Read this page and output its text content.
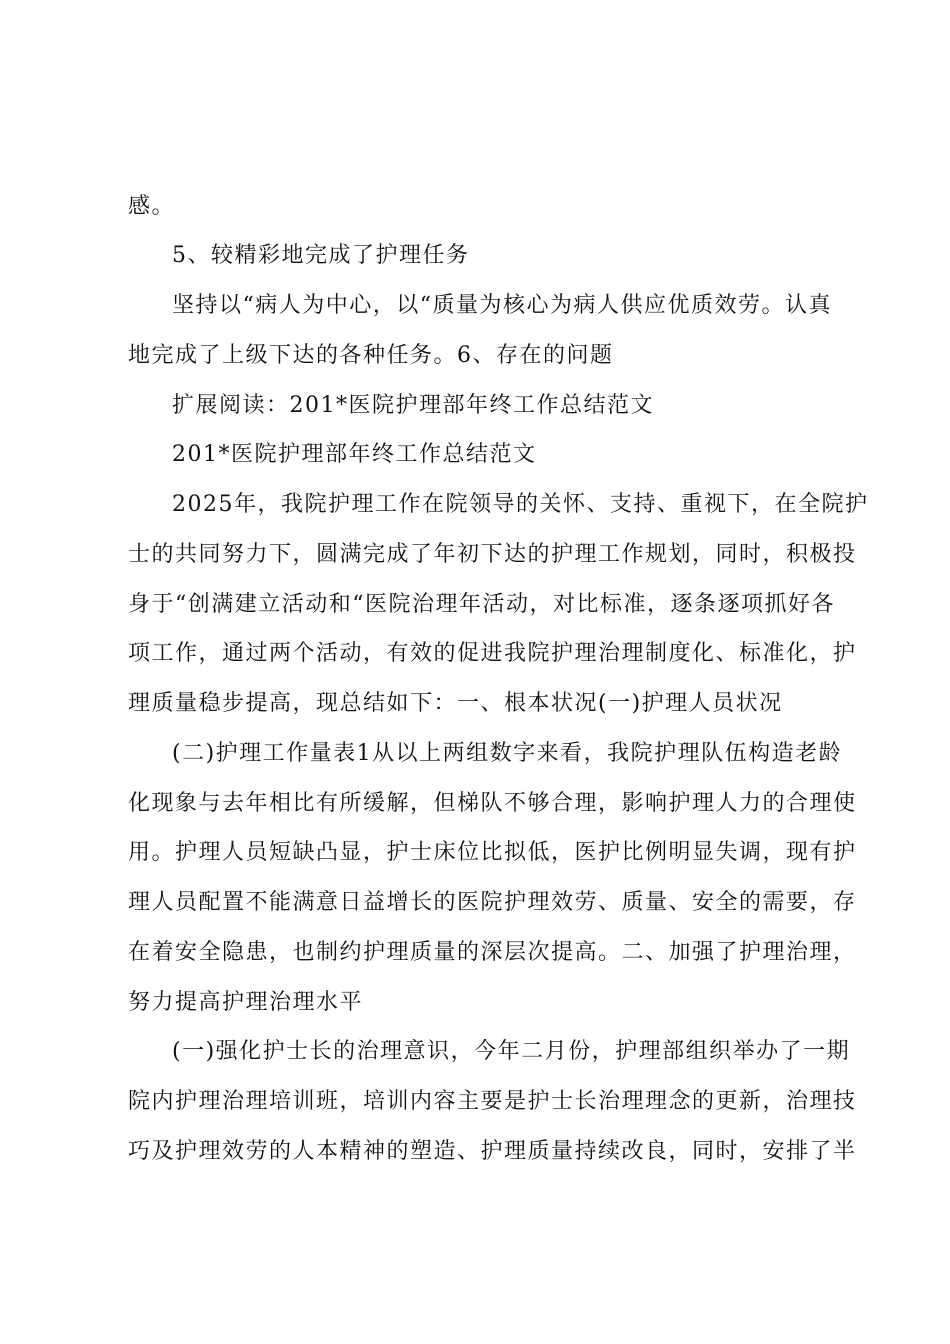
感。
5、较精彩地完成了护理任务
坚持以“病人为中心，以“质量为核心为病人供应优质效劳。认真
地完成了上级下达的各种任务。6、存在的问题
扩展阅读：201*医院护理部年终工作总结范文
201*医院护理部年终工作总结范文
2025年，我院护理工作在院领导的关怀、支持、重视下，在全院护
士的共同努力下，圆满完成了年初下达的护理工作规划，同时，积极投
身于“创满建立活动和“医院治理年活动，对比标准，逐条逐项抓好各
项工作，通过两个活动，有效的促进我院护理治理制度化、标准化，护
理质量稳步提高，现总结如下：一、根本状况(一)护理人员状况
(二)护理工作量表1从以上两组数字来看，我院护理队伍构造老龄
化现象与去年相比有所缓解，但梯队不够合理，影响护理人力的合理使
用。护理人员短缺凸显，护士床位比拟低，医护比例明显失调，现有护
理人员配置不能满意日益增长的医院护理效劳、质量、安全的需要，存
在着安全隐患，也制约护理质量的深层次提高。二、加强了护理治理，
努力提高护理治理水平
(一)强化护士长的治理意识，今年二月份，护理部组织举办了一期
院内护理治理培训班，培训内容主要是护士长治理理念的更新，治理技
巧及护理效劳的人本精神的塑造、护理质量持续改良，同时，安排了半
